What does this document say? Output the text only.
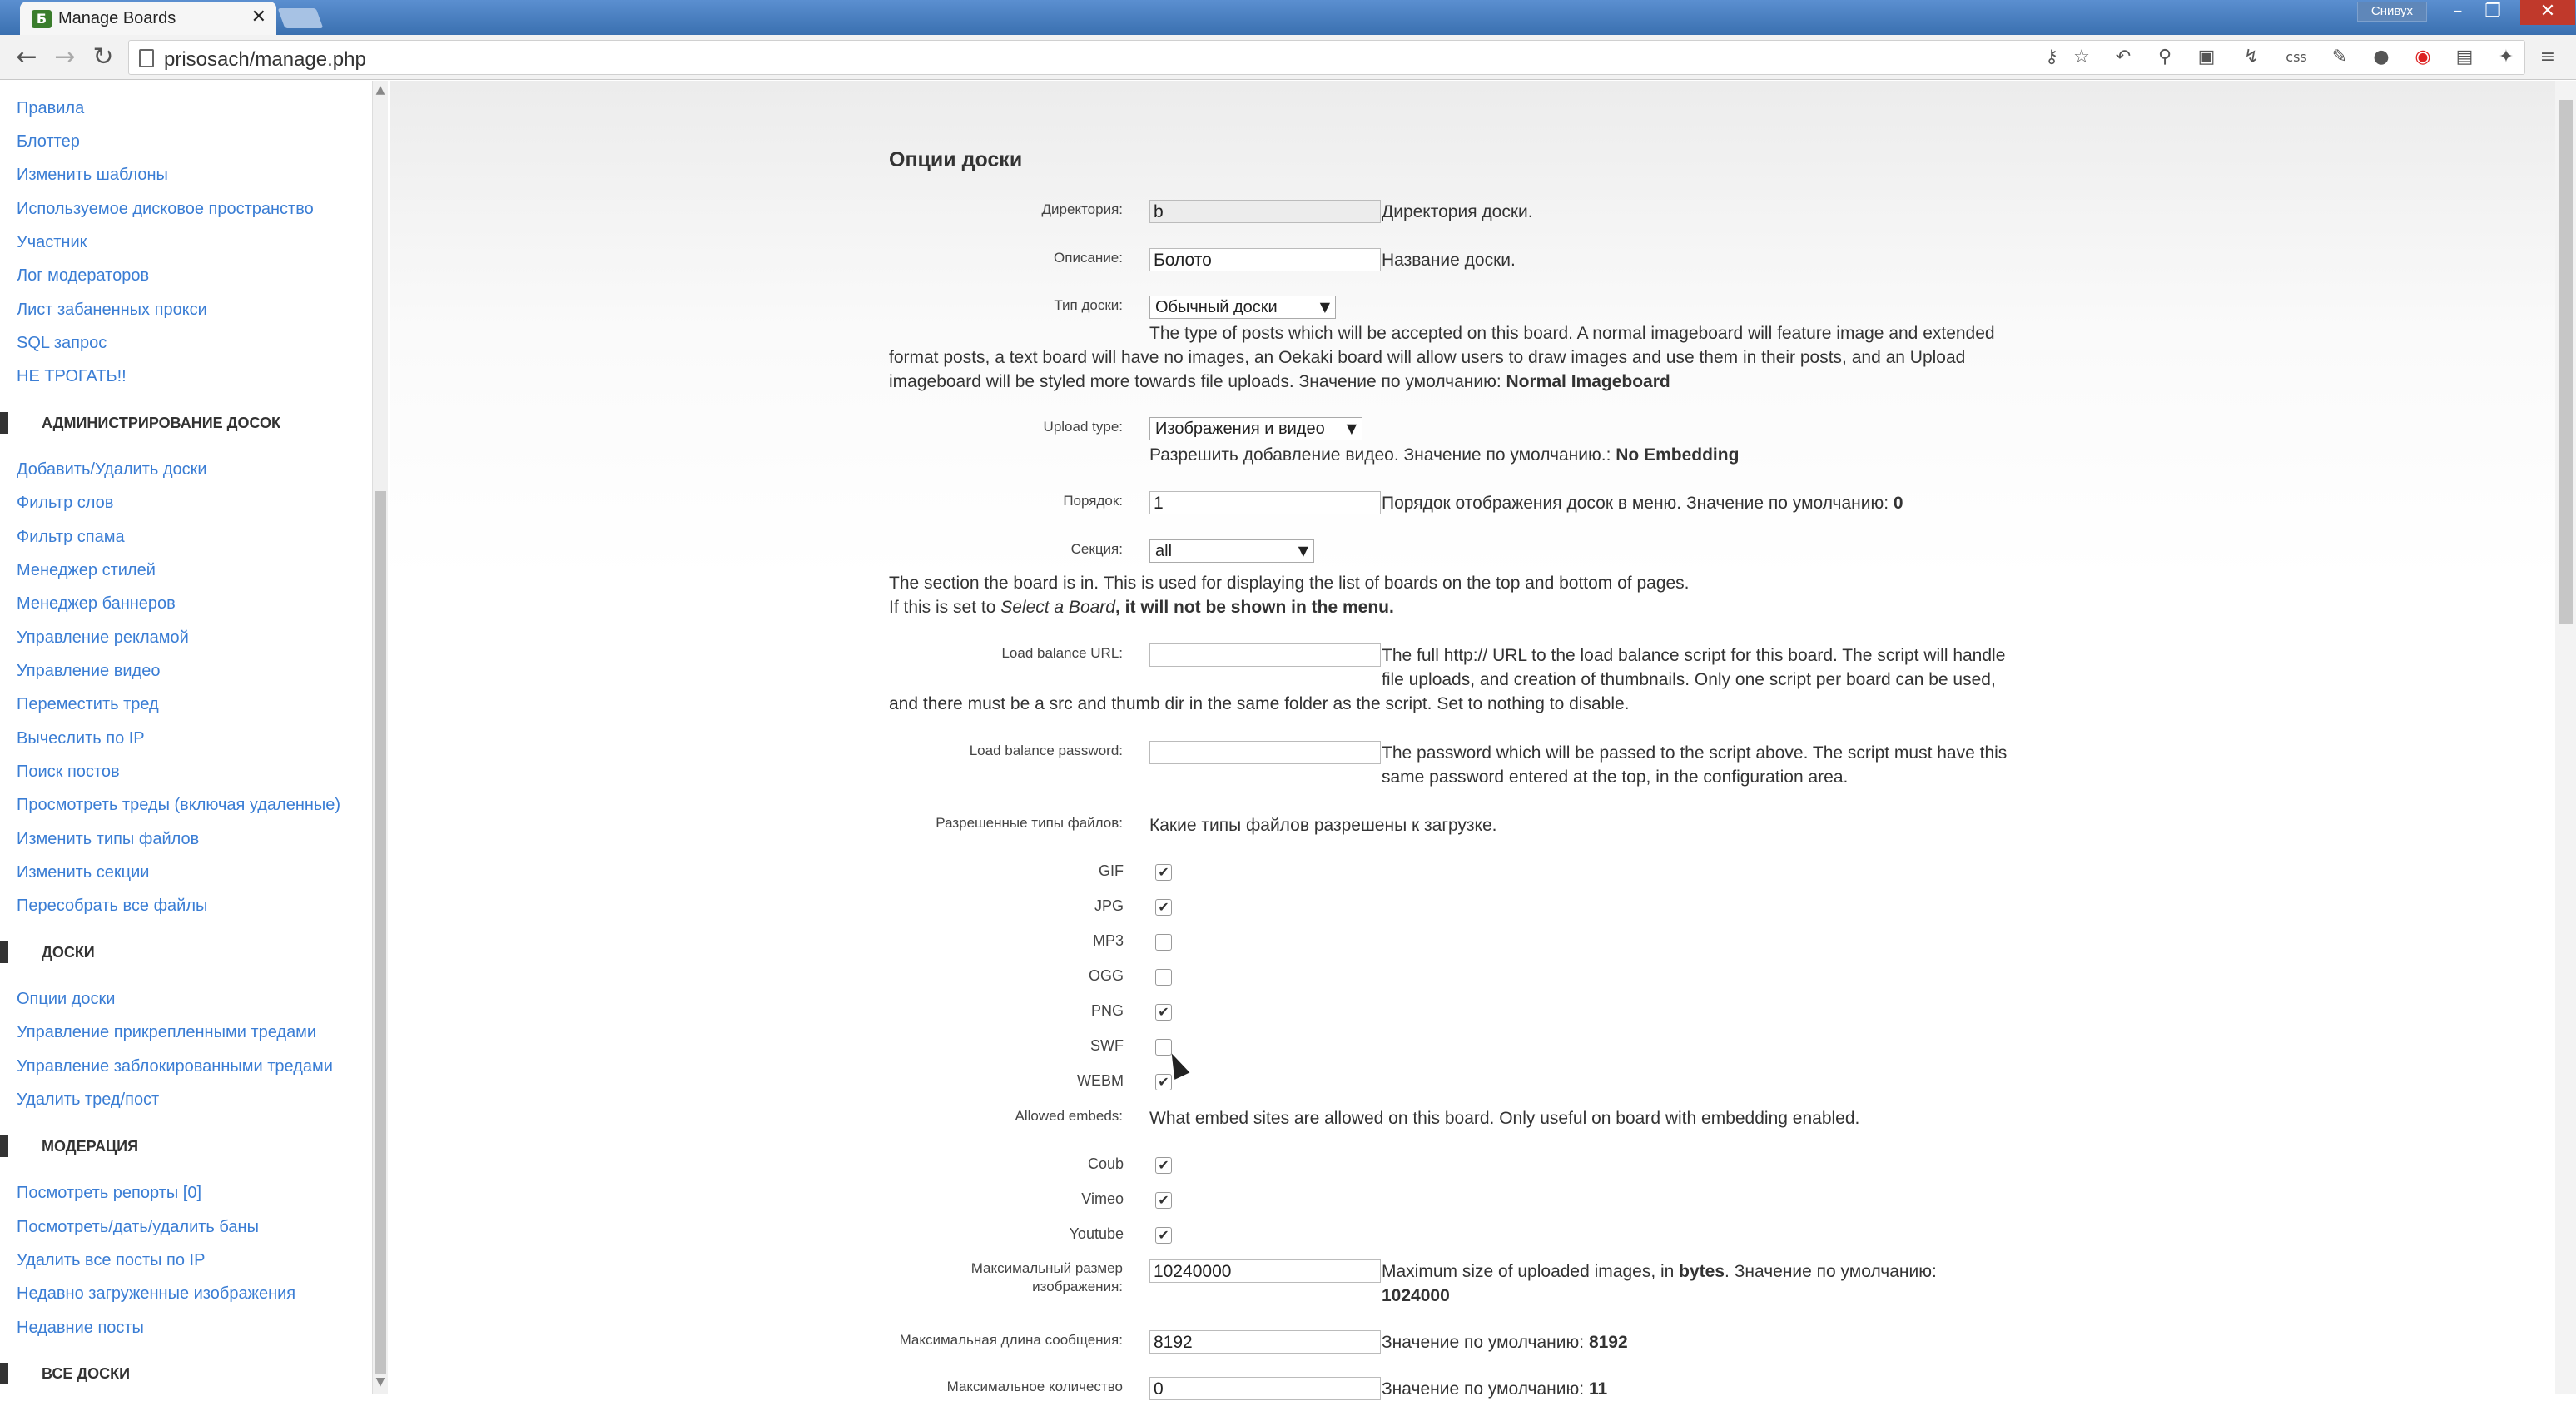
Б Manage Boards	✕	Снивух	–	❐	✕
← → ↻	prisosach/manage.php	⚷ ☆ ↶	⚲	▣ ↯	css ✎ ● ◉ ▤ ✦ ≡
Правила
Блоттер
Изменить шаблоны
Используемое дисковое пространство
Участник
Лог модераторов
Лист забаненных прокси
SQL запрос
НЕ ТРОГАТЬ!!
АДМИНИСТРИРОВАНИЕ ДОСОК
Добавить/Удалить доски
Фильтр слов
Фильтр спама
Менеджер стилей
Менеджер баннеров
Управление рекламой
Управление видео
Переместить тред
Вычеслить по IP
Поиск постов
Просмотреть треды (включая удаленные)
Изменить типы файлов
Изменить секции
Пересобрать все файлы
ДОСКИ
Опции доски
Управление прикрепленными тредами
Управление заблокированными тредами
Удалить тред/пост
МОДЕРАЦИЯ
Посмотреть репорты [0]
Посмотреть/дать/удалить баны
Удалить все посты по IP
Недавно загруженные изображения
Недавние посты
ВСЕ ДОСКИ
▲
▼
Опции доски
Директория: b	Директория доски.
Описание: Болото	Название доски.
Тип доски:	Обычный доски	▼
The type of posts which will be accepted on this board. A normal imageboard will feature image and extended
format posts, a text board will have no images, an Oekaki board will allow users to draw images and use them in their posts, and an Upload
imageboard will be styled more towards file uploads. Значение по умолчанию: Normal Imageboard
Upload type:	Изображения и видео ▼
Разрешить добавление видео. Значение по умолчанию.: No Embedding
Порядок: 1	Порядок отображения досок в меню. Значение по умолчанию: 0
Секция:	all	▼
The section the board is in. This is used for displaying the list of boards on the top and bottom of pages.
If this is set to Select a Board, it will not be shown in the menu.
Load balance URL:	The full http:// URL to the load balance script for this board. The script will handle
file uploads, and creation of thumbnails. Only one script per board can be used,
and there must be a src and thumb dir in the same folder as the script. Set to nothing to disable.
Load balance password:	The password which will be passed to the script above. The script must have this
same password entered at the top, in the configuration area.
Разрешенные типы файлов: Какие типы файлов разрешены к загрузке.
GIF	✔
JPG	✔
MP3
OGG
PNG	✔
SWF
WEBM	✔
Allowed embeds: What embed sites are allowed on this board. Only useful on board with embedding enabled.
Coub	✔
Vimeo	✔
Youtube	✔
Максимальный размер
изображения:
10240000	Maximum size of uploaded images, in bytes. Значение по умолчанию:
1024000
Максимальная длина сообщения: 8192	Значение по умолчанию: 8192
Максимальное количество 0	Значение по умолчанию: 11
